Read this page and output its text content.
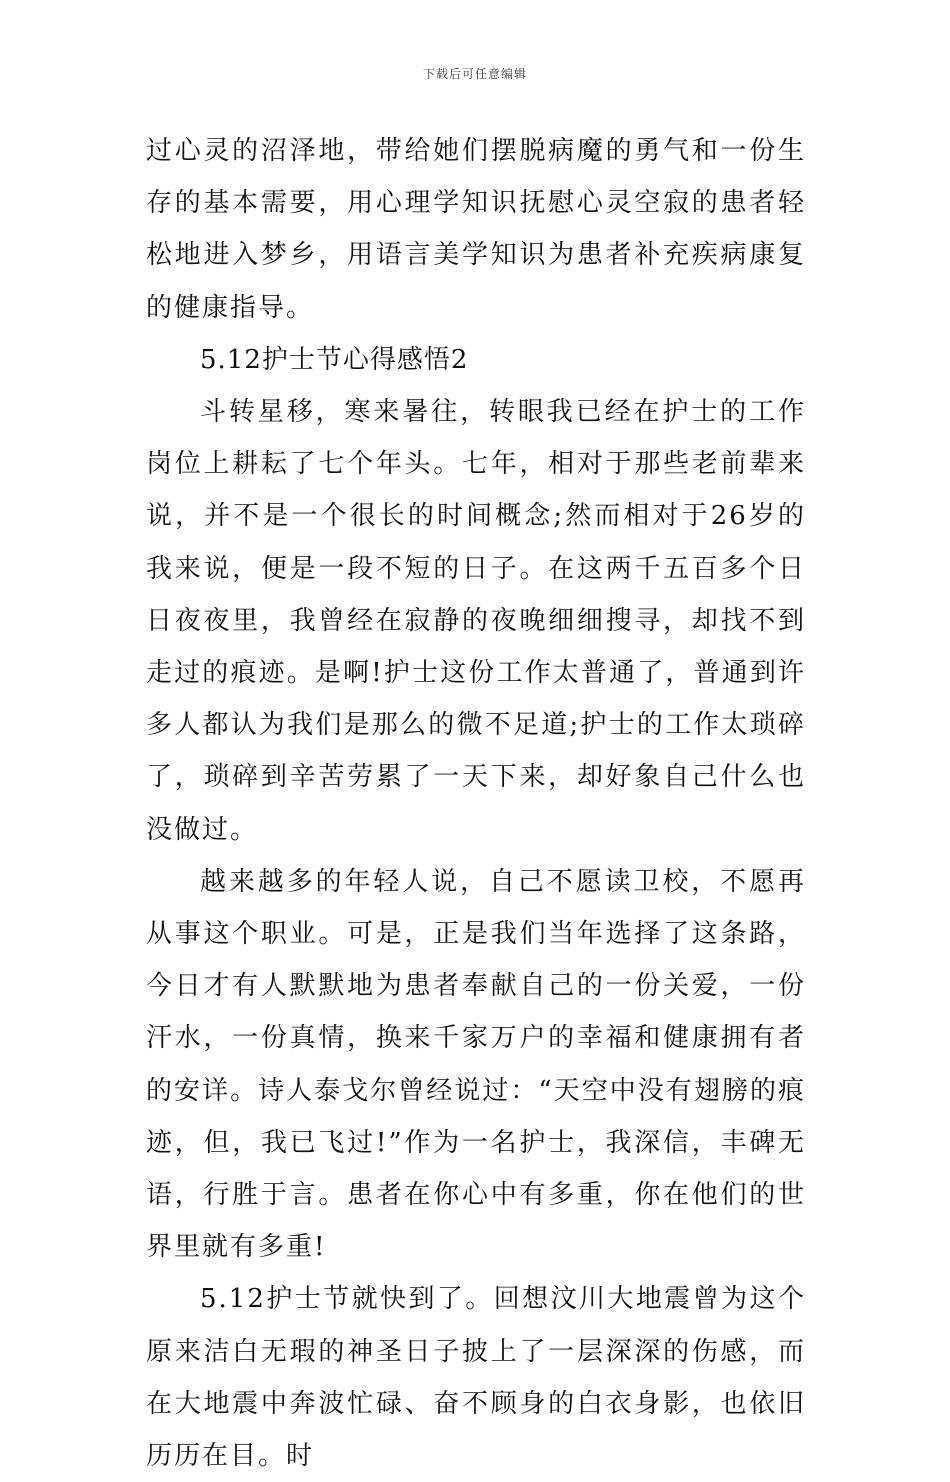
下载后可任意编辑

过心灵的沼泽地，带给她们摆脱病魔的勇气和一份生存的基本需要，用心理学知识抚慰心灵空寂的患者轻松地进入梦乡，用语言美学知识为患者补充疾病康复的健康指导。

5.12护士节心得感悟2

斗转星移，寒来暑往，转眼我已经在护士的工作岗位上耕耘了七个年头。七年，相对于那些老前辈来说，并不是一个很长的时间概念;然而相对于26岁的我来说，便是一段不短的日子。在这两千五百多个日日夜夜里，我曾经在寂静的夜晚细细搜寻，却找不到走过的痕迹。是啊!护士这份工作太普通了，普通到许多人都认为我们是那么的微不足道;护士的工作太琐碎了，琐碎到辛苦劳累了一天下来，却好象自己什么也没做过。

越来越多的年轻人说，自己不愿读卫校，不愿再从事这个职业。可是，正是我们当年选择了这条路，今日才有人默默地为患者奉献自己的一份关爱，一份汗水，一份真情，换来千家万户的幸福和健康拥有者的安详。诗人泰戈尔曾经说过：“天空中没有翅膀的痕迹，但，我已飞过!”作为一名护士，我深信，丰碑无语，行胜于言。患者在你心中有多重，你在他们的世界里就有多重!

5.12护士节就快到了。回想汶川大地震曾为这个原来洁白无瑕的神圣日子披上了一层深深的伤感，而在大地震中奔波忙碌、奋不顾身的白衣身影，也依旧历历在目。时
